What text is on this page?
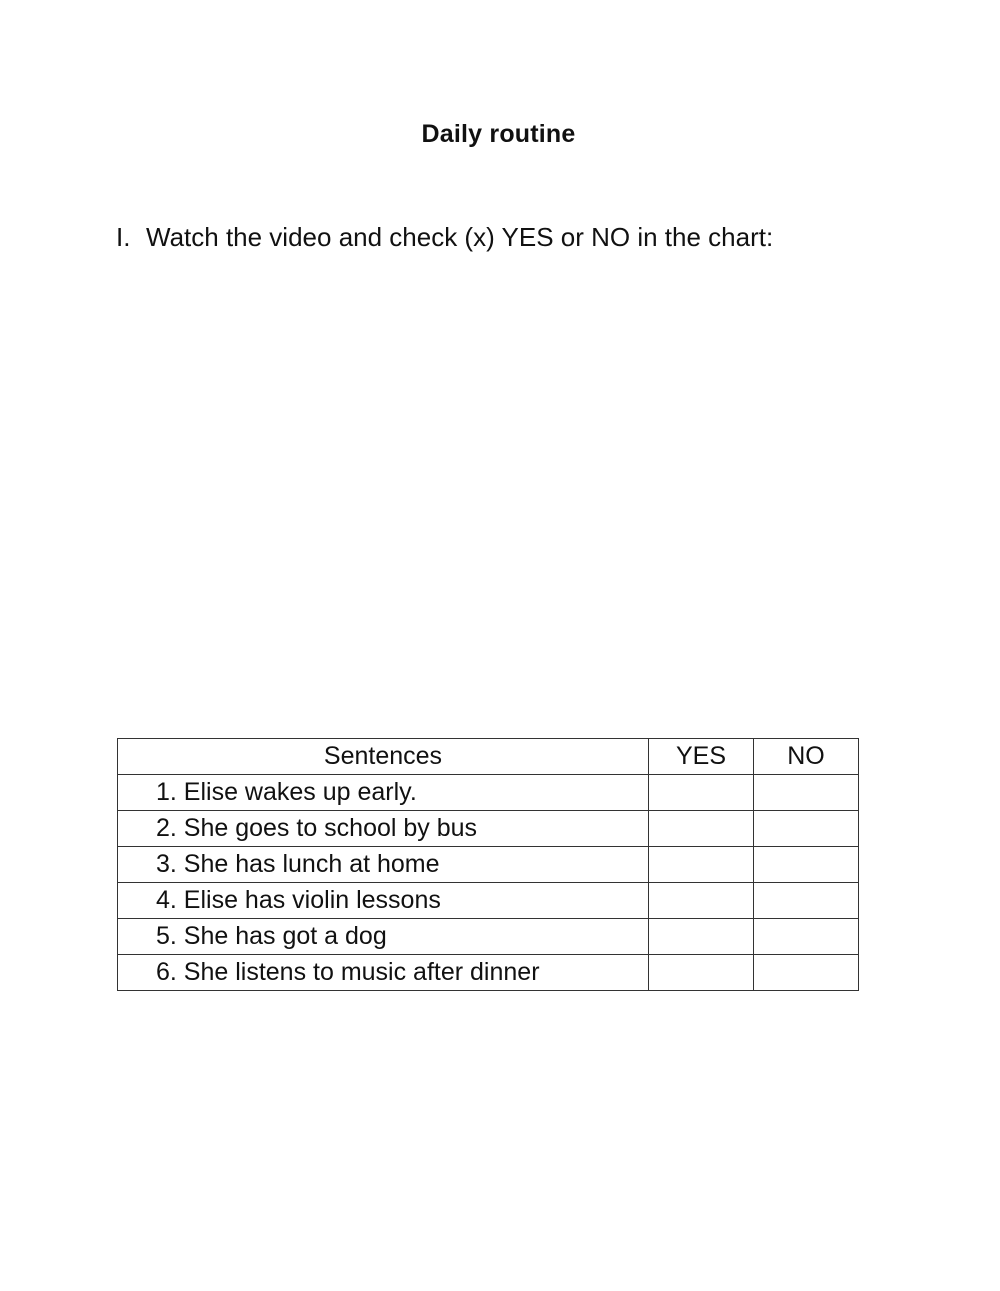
Daily routine
I. Watch the video and check (x) YES or NO in the chart:
Sentences	YES	NO
1. Elise wakes up early.		
2. She goes to school by bus		
3. She has lunch at home		
4. Elise has violin lessons		
5. She has got a dog		
6. She listens to music after dinner		
